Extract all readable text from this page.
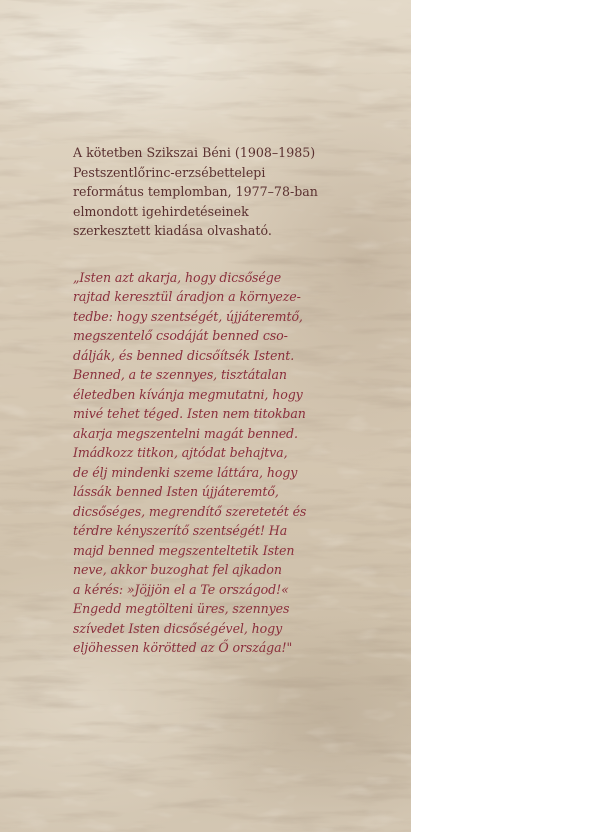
A kötetben Szikszai Béni (1908–1985)

Pestszentlőrinc-erzsébettelepi

református templomban, 1977–78-ban

elmondott igehirdetéseinek

szerkesztett kiadása olvasható.

„Isten azt akarja, hogy dicsősége

rajtad keresztül áradjon a környeze-

tedbe: hogy szentségét, újjáteremtő,

megszentelő csodáját benned cso-

dálják, és benned dicsőítsék Istent.

Benned, a te szennyes, tisztátalan

életedben kívánja megmutatni, hogy

mivé tehet téged. Isten nem titokban

akarja megszentelni magát benned.

Imádkozz titkon, ajtódat behajtva,

de élj mindenki szeme láttára, hogy

lássák benned Isten újjáteremtő,

dicsőséges, megrendítő szeretetét és

térdre kényszerítő szentségét! Ha

majd benned megszenteltetik Isten

neve, akkor buzoghat fel ajkadon

a kérés: »Jöjjön el a Te országod!«

Engedd megtölteni üres, szennyes

szívedet Isten dicsőségével, hogy

eljöhessen körötted az Ő országa!"
